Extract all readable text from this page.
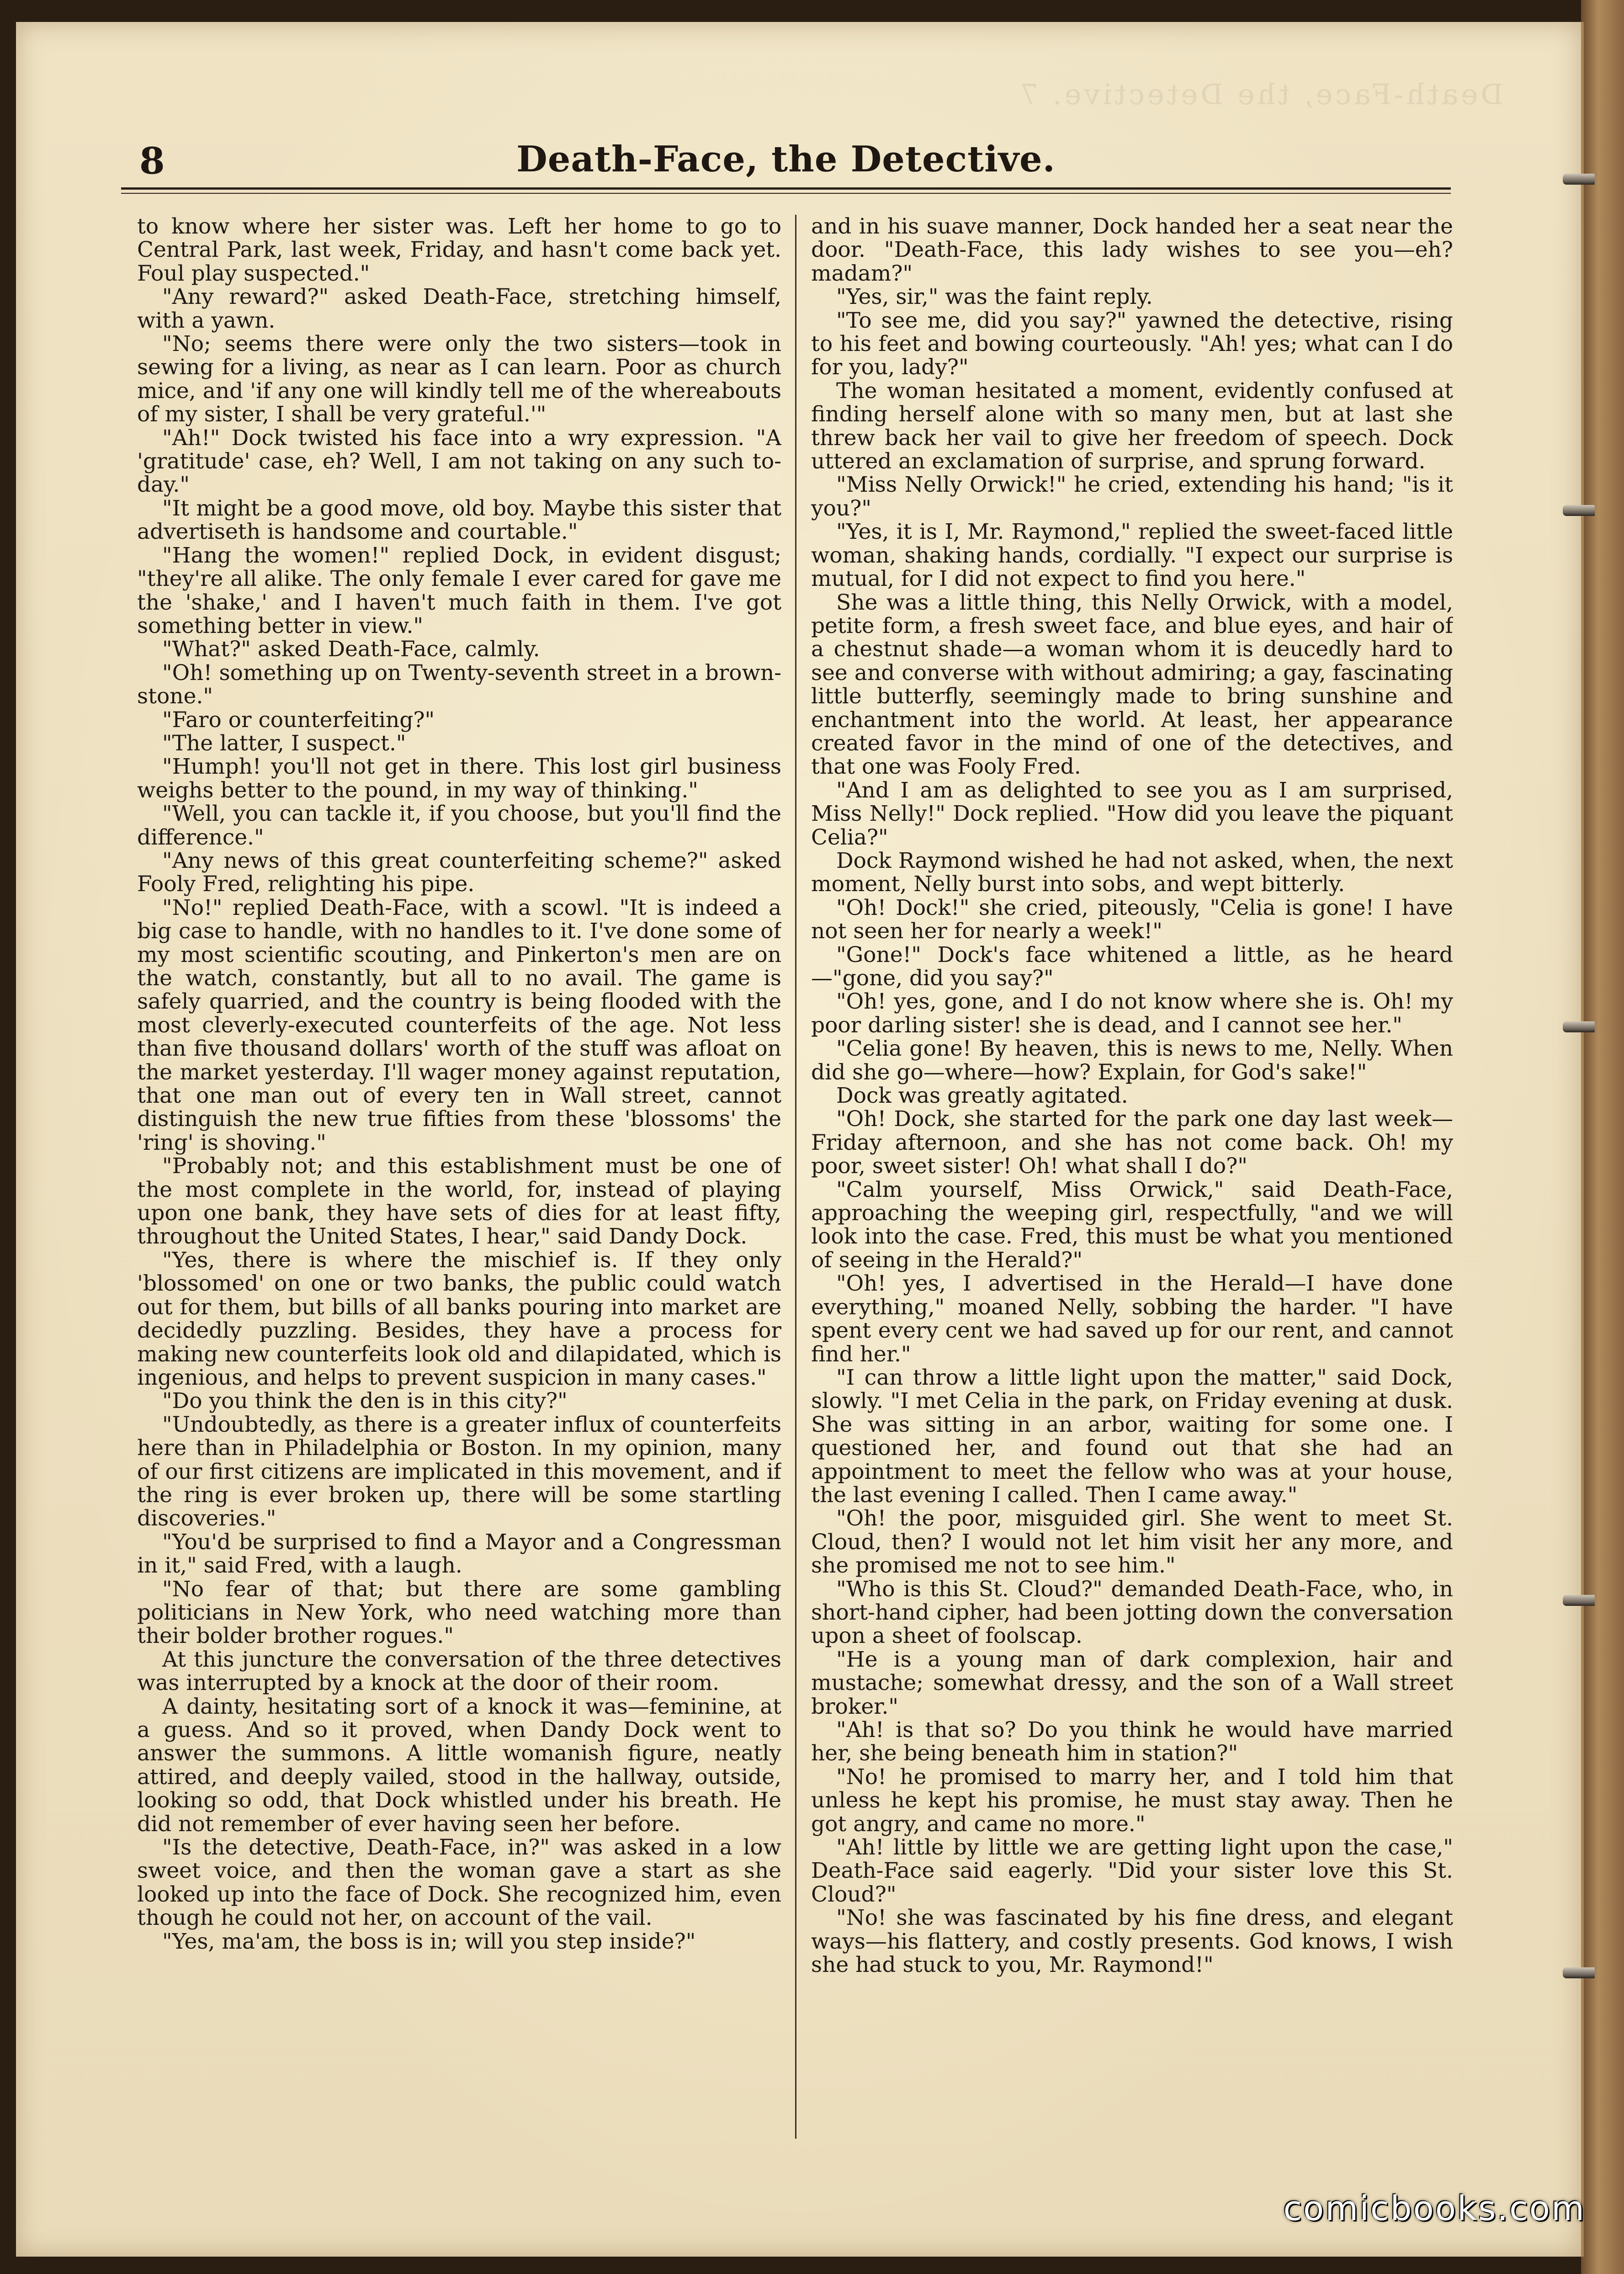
Death-Face, the Detective. 7
8	Death-Face, the Detective.

to know where her sister was. Left her home to go to Central Park, last week, Friday, and hasn't come back yet. Foul play suspected."

"Any reward?" asked Death-Face, stretching himself, with a yawn.

"No; seems there were only the two sisters—took in sewing for a living, as near as I can learn. Poor as church mice, and 'if any one will kindly tell me of the whereabouts of my sister, I shall be very grateful.'"

"Ah!" Dock twisted his face into a wry expression. "A 'gratitude' case, eh? Well, I am not taking on any such to-day."

"It might be a good move, old boy. Maybe this sister that advertiseth is handsome and courtable."

"Hang the women!" replied Dock, in evident disgust; "they're all alike. The only female I ever cared for gave me the 'shake,' and I haven't much faith in them. I've got something better in view."

"What?" asked Death-Face, calmly.

"Oh! something up on Twenty-seventh street in a brown-stone."

"Faro or counterfeiting?"

"The latter, I suspect."

"Humph! you'll not get in there. This lost girl business weighs better to the pound, in my way of thinking."

"Well, you can tackle it, if you choose, but you'll find the difference."

"Any news of this great counterfeiting scheme?" asked Fooly Fred, relighting his pipe.

"No!" replied Death-Face, with a scowl. "It is indeed a big case to handle, with no handles to it. I've done some of my most scientific scouting, and Pinkerton's men are on the watch, constantly, but all to no avail. The game is safely quarried, and the country is being flooded with the most cleverly-executed counterfeits of the age. Not less than five thousand dollars' worth of the stuff was afloat on the market yesterday. I'll wager money against reputation, that one man out of every ten in Wall street, cannot distinguish the new true fifties from these 'blossoms' the 'ring' is shoving."

"Probably not; and this establishment must be one of the most complete in the world, for, instead of playing upon one bank, they have sets of dies for at least fifty, throughout the United States, I hear," said Dandy Dock.

"Yes, there is where the mischief is. If they only 'blossomed' on one or two banks, the public could watch out for them, but bills of all banks pouring into market are decidedly puzzling. Besides, they have a process for making new counterfeits look old and dilapidated, which is ingenious, and helps to prevent suspicion in many cases."

"Do you think the den is in this city?"

"Undoubtedly, as there is a greater influx of counterfeits here than in Philadelphia or Boston. In my opinion, many of our first citizens are implicated in this movement, and if the ring is ever broken up, there will be some startling discoveries."

"You'd be surprised to find a Mayor and a Congressman in it," said Fred, with a laugh.

"No fear of that; but there are some gambling politicians in New York, who need watching more than their bolder brother rogues."

At this juncture the conversation of the three detectives was interrupted by a knock at the door of their room.

A dainty, hesitating sort of a knock it was—feminine, at a guess. And so it proved, when Dandy Dock went to answer the summons. A little womanish figure, neatly attired, and deeply vailed, stood in the hallway, outside, looking so odd, that Dock whistled under his breath. He did not remember of ever having seen her before.

"Is the detective, Death-Face, in?" was asked in a low sweet voice, and then the woman gave a start as she looked up into the face of Dock. She recognized him, even though he could not her, on account of the vail.

"Yes, ma'am, the boss is in; will you step inside?"

and in his suave manner, Dock handed her a seat near the door. "Death-Face, this lady wishes to see you—eh? madam?"

"Yes, sir," was the faint reply.

"To see me, did you say?" yawned the detective, rising to his feet and bowing courteously. "Ah! yes; what can I do for you, lady?"

The woman hesitated a moment, evidently confused at finding herself alone with so many men, but at last she threw back her vail to give her freedom of speech. Dock uttered an exclamation of surprise, and sprung forward.

"Miss Nelly Orwick!" he cried, extending his hand; "is it you?"

"Yes, it is I, Mr. Raymond," replied the sweet-faced little woman, shaking hands, cordially. "I expect our surprise is mutual, for I did not expect to find you here."

She was a little thing, this Nelly Orwick, with a model, petite form, a fresh sweet face, and blue eyes, and hair of a chestnut shade—a woman whom it is deucedly hard to see and converse with without admiring; a gay, fascinating little butterfly, seemingly made to bring sunshine and enchantment into the world. At least, her appearance created favor in the mind of one of the detectives, and that one was Fooly Fred.

"And I am as delighted to see you as I am surprised, Miss Nelly!" Dock replied. "How did you leave the piquant Celia?"

Dock Raymond wished he had not asked, when, the next moment, Nelly burst into sobs, and wept bitterly.

"Oh! Dock!" she cried, piteously, "Celia is gone! I have not seen her for nearly a week!"

"Gone!" Dock's face whitened a little, as he heard—"gone, did you say?"

"Oh! yes, gone, and I do not know where she is. Oh! my poor darling sister! she is dead, and I cannot see her."

"Celia gone! By heaven, this is news to me, Nelly. When did she go—where—how? Explain, for God's sake!"

Dock was greatly agitated.

"Oh! Dock, she started for the park one day last week—Friday afternoon, and she has not come back. Oh! my poor, sweet sister! Oh! what shall I do?"

"Calm yourself, Miss Orwick," said Death-Face, approaching the weeping girl, respectfully, "and we will look into the case. Fred, this must be what you mentioned of seeing in the Herald?"

"Oh! yes, I advertised in the Herald—I have done everything," moaned Nelly, sobbing the harder. "I have spent every cent we had saved up for our rent, and cannot find her."

"I can throw a little light upon the matter," said Dock, slowly. "I met Celia in the park, on Friday evening at dusk. She was sitting in an arbor, waiting for some one. I questioned her, and found out that she had an appointment to meet the fellow who was at your house, the last evening I called. Then I came away."

"Oh! the poor, misguided girl. She went to meet St. Cloud, then? I would not let him visit her any more, and she promised me not to see him."

"Who is this St. Cloud?" demanded Death-Face, who, in short-hand cipher, had been jotting down the conversation upon a sheet of foolscap.

"He is a young man of dark complexion, hair and mustache; somewhat dressy, and the son of a Wall street broker."

"Ah! is that so? Do you think he would have married her, she being beneath him in station?"

"No! he promised to marry her, and I told him that unless he kept his promise, he must stay away. Then he got angry, and came no more."

"Ah! little by little we are getting light upon the case," Death-Face said eagerly. "Did your sister love this St. Cloud?"

"No! she was fascinated by his fine dress, and elegant ways—his flattery, and costly presents. God knows, I wish she had stuck to you, Mr. Raymond!"

comicbooks.com
